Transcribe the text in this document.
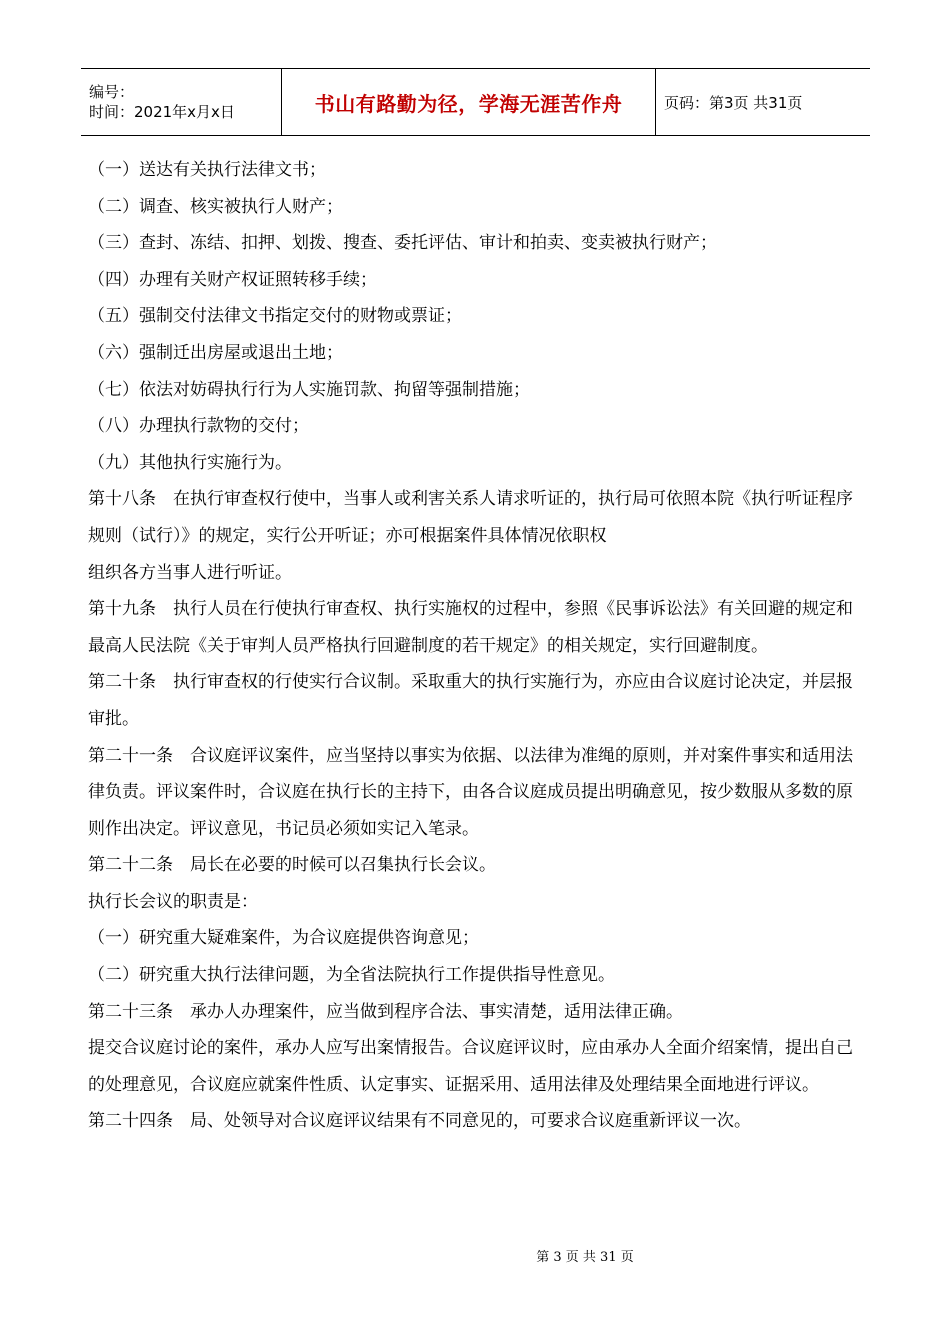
编号：
时间：2021年x月x日	书山有路勤为径，学海无涯苦作舟	页码：第3页 共31页

（一）送达有关执行法律文书；

（二）调查、核实被执行人财产；

（三）查封、冻结、扣押、划拨、搜查、委托评估、审计和拍卖、变卖被执行财产；

（四）办理有关财产权证照转移手续；

（五）强制交付法律文书指定交付的财物或票证；

（六）强制迁出房屋或退出土地；

（七）依法对妨碍执行行为人实施罚款、拘留等强制措施；

（八）办理执行款物的交付；

（九）其他执行实施行为。

第十八条　在执行审查权行使中，当事人或利害关系人请求听证的，执行局可依照本院《执行听证程序规则（试行）》的规定，实行公开听证；亦可根据案件具体情况依职权

组织各方当事人进行听证。

第十九条　执行人员在行使执行审查权、执行实施权的过程中，参照《民事诉讼法》有关回避的规定和最高人民法院《关于审判人员严格执行回避制度的若干规定》的相关规定，实行回避制度。

第二十条　执行审查权的行使实行合议制。采取重大的执行实施行为，亦应由合议庭讨论决定，并层报审批。

第二十一条　合议庭评议案件，应当坚持以事实为依据、以法律为准绳的原则，并对案件事实和适用法律负责。评议案件时，合议庭在执行长的主持下，由各合议庭成员提出明确意见，按少数服从多数的原则作出决定。评议意见，书记员必须如实记入笔录。

第二十二条　局长在必要的时候可以召集执行长会议。

执行长会议的职责是：

（一）研究重大疑难案件，为合议庭提供咨询意见；

（二）研究重大执行法律问题，为全省法院执行工作提供指导性意见。

第二十三条　承办人办理案件，应当做到程序合法、事实清楚，适用法律正确。

提交合议庭讨论的案件，承办人应写出案情报告。合议庭评议时，应由承办人全面介绍案情，提出自己的处理意见，合议庭应就案件性质、认定事实、证据采用、适用法律及处理结果全面地进行评议。

第二十四条　局、处领导对合议庭评议结果有不同意见的，可要求合议庭重新评议一次。

第 3 页 共 31 页
